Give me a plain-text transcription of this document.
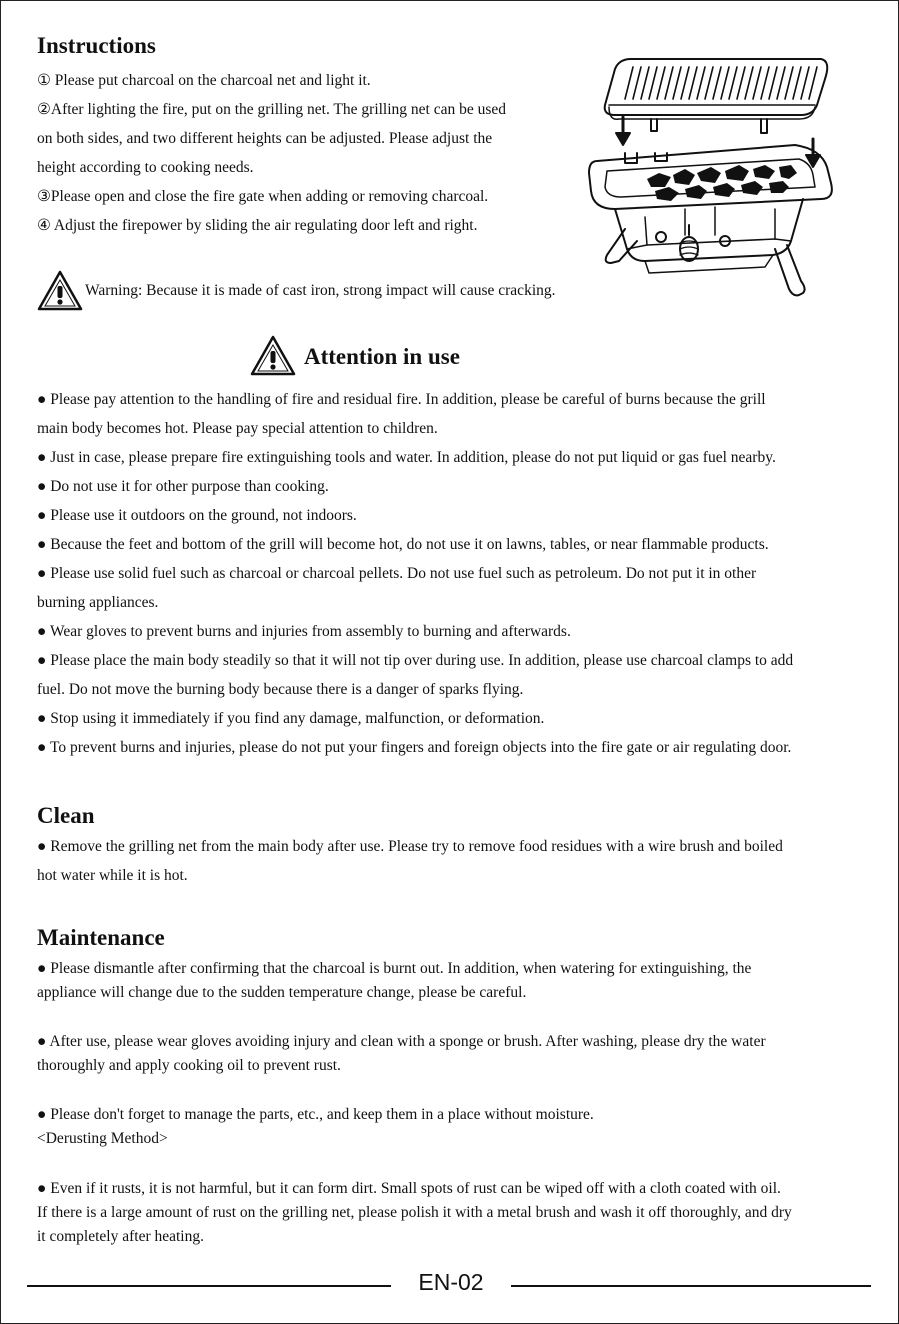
Instructions
① Please put charcoal on the charcoal net and light it.
②After lighting the fire, put on the grilling net. The grilling net can be used
on both sides, and two different heights can be adjusted. Please adjust the
height according to cooking needs.
③Please open and close the fire gate when adding or removing charcoal.
④ Adjust the firepower by sliding the air regulating door left and right.
Warning: Because it is made of cast iron, strong impact will cause cracking.
Attention in use
● Please pay attention to the handling of fire and residual fire. In addition, please be careful of burns because the grill
main body becomes hot. Please pay special attention to children.
● Just in case, please prepare fire extinguishing tools and water. In addition, please do not put liquid or gas fuel nearby.
● Do not use it for other purpose than cooking.
● Please use it outdoors on the ground, not indoors.
● Because the feet and bottom of the grill will become hot, do not use it on lawns, tables, or near flammable products.
● Please use solid fuel such as charcoal or charcoal pellets. Do not use fuel such as petroleum. Do not put it in other
burning appliances.
● Wear gloves to prevent burns and injuries from assembly to burning and afterwards.
● Please place the main body steadily so that it will not tip over during use. In addition, please use charcoal clamps to add
fuel. Do not move the burning body because there is a danger of sparks flying.
● Stop using it immediately if you find any damage, malfunction, or deformation.
● To prevent burns and injuries, please do not put your fingers and foreign objects into the fire gate or air regulating door.
Clean
● Remove the grilling net from the main body after use. Please try to remove food residues with a wire brush and boiled
hot water while it is hot.
Maintenance
● Please dismantle after confirming that the charcoal is burnt out. In addition, when watering for extinguishing, the
appliance will change due to the sudden temperature change, please be careful.
● After use, please wear gloves avoiding injury and clean with a sponge or brush. After washing, please dry the water
thoroughly and apply cooking oil to prevent rust.
● Please don't forget to manage the parts, etc., and keep them in a place without moisture.
<Derusting Method>
● Even if it rusts, it is not harmful, but it can form dirt. Small spots of rust can be wiped off with a cloth coated with oil.
If there is a large amount of rust on the grilling net, please polish it with a metal brush and wash it off thoroughly, and dry
it completely after heating.
EN-02
